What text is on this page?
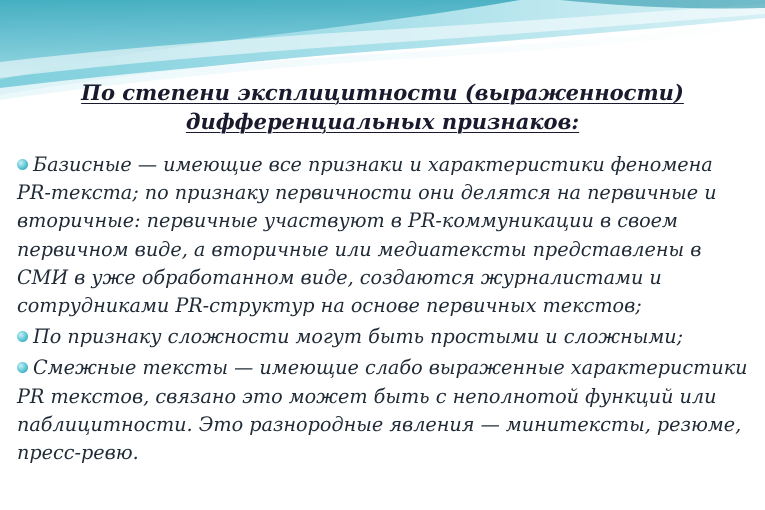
По степени эксплицитности (выраженности)
дифференциальных признаков:

Базисные — имеющие все признаки и характеристики феномена PR-текста; по признаку первичности они делятся на первичные и вторичные: первичные участвуют в PR-коммуникации в своем первичном виде, а вторичные или медиатексты представлены в СМИ в уже обработанном виде, создаются журналистами и сотрудниками PR-структур на основе первичных текстов;

По признаку сложности могут быть простыми и сложными;

Смежные тексты — имеющие слабо выраженные характеристики PR текстов, связано это может быть с неполнотой функций или паблицитности. Это разнородные явления — минитексты, резюме, пресс-ревю.
